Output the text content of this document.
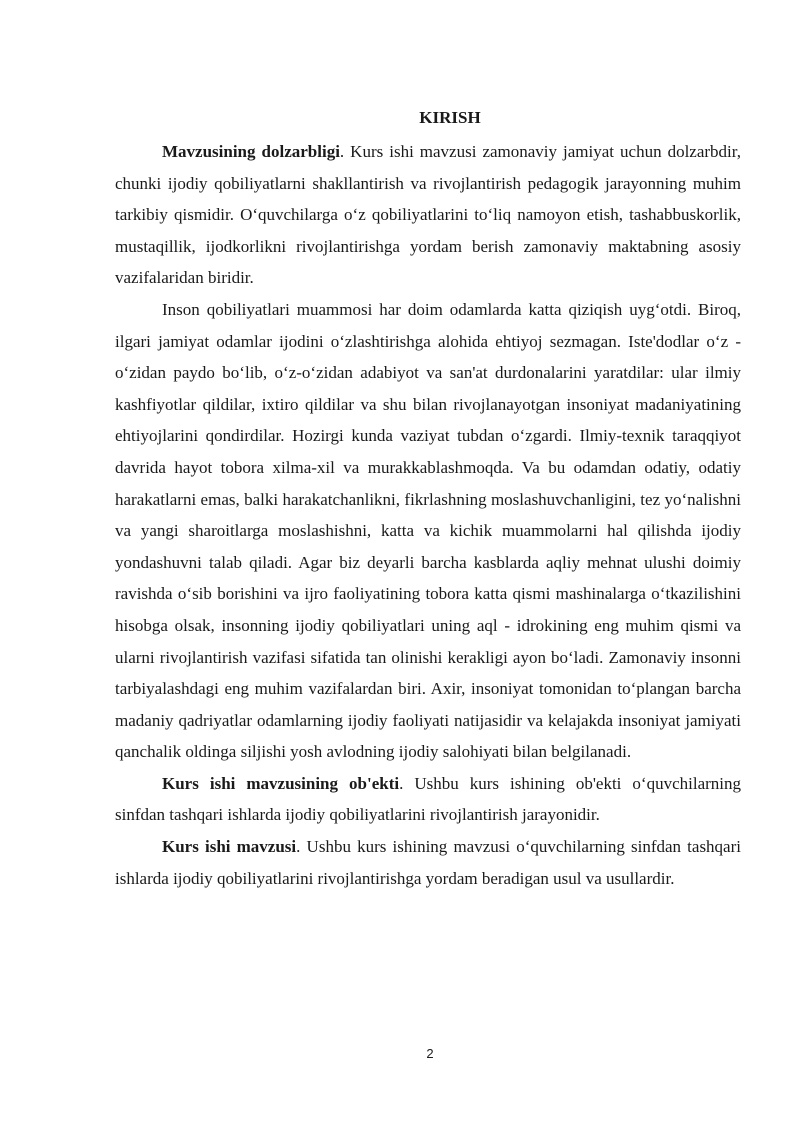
KIRISH

Mavzusining dolzarbligi. Kurs ishi mavzusi zamonaviy jamiyat uchun dolzarbdir, chunki ijodiy qobiliyatlarni shakllantirish va rivojlantirish pedagogik jarayonning muhim tarkibiy qismidir. O‘quvchilarga o‘z qobiliyatlarini to‘liq namoyon etish, tashabbuskorlik, mustaqillik, ijodkorlikni rivojlantirishga yordam berish zamonaviy maktabning asosiy vazifalaridan biridir.

Inson qobiliyatlari muammosi har doim odamlarda katta qiziqish uyg‘otdi. Biroq, ilgari jamiyat odamlar ijodini o‘zlashtirishga alohida ehtiyoj sezmagan. Iste'dodlar o‘z - o‘zidan paydo bo‘lib, o‘z-o‘zidan adabiyot va san'at durdonalarini yaratdilar: ular ilmiy kashfiyotlar qildilar, ixtiro qildilar va shu bilan rivojlanayotgan insoniyat madaniyatining ehtiyojlarini qondirdilar. Hozirgi kunda vaziyat tubdan o‘zgardi. Ilmiy-texnik taraqqiyot davrida hayot tobora xilma-xil va murakkablashmoqda. Va bu odamdan odatiy, odatiy harakatlarni emas, balki harakatchanlikni, fikrlashning moslashuvchanligini, tez yo‘nalishni va yangi sharoitlarga moslashishni, katta va kichik muammolarni hal qilishda ijodiy yondashuvni talab qiladi. Agar biz deyarli barcha kasblarda aqliy mehnat ulushi doimiy ravishda o‘sib borishini va ijro faoliyatining tobora katta qismi mashinalarga o‘tkazilishini hisobga olsak, insonning ijodiy qobiliyatlari uning aql - idrokining eng muhim qismi va ularni rivojlantirish vazifasi sifatida tan olinishi kerakligi ayon bo‘ladi. Zamonaviy insonni tarbiyalashdagi eng muhim vazifalardan biri. Axir, insoniyat tomonidan to‘plangan barcha madaniy qadriyatlar odamlarning ijodiy faoliyati natijasidir va kelajakda insoniyat jamiyati qanchalik oldinga siljishi yosh avlodning ijodiy salohiyati bilan belgilanadi.

Kurs ishi mavzusining ob'ekti. Ushbu kurs ishining ob'ekti o‘quvchilarning sinfdan tashqari ishlarda ijodiy qobiliyatlarini rivojlantirish jarayonidir.

Kurs ishi mavzusi. Ushbu kurs ishining mavzusi o‘quvchilarning sinfdan tashqari ishlarda ijodiy qobiliyatlarini rivojlantirishga yordam beradigan usul va usullardir.

2
